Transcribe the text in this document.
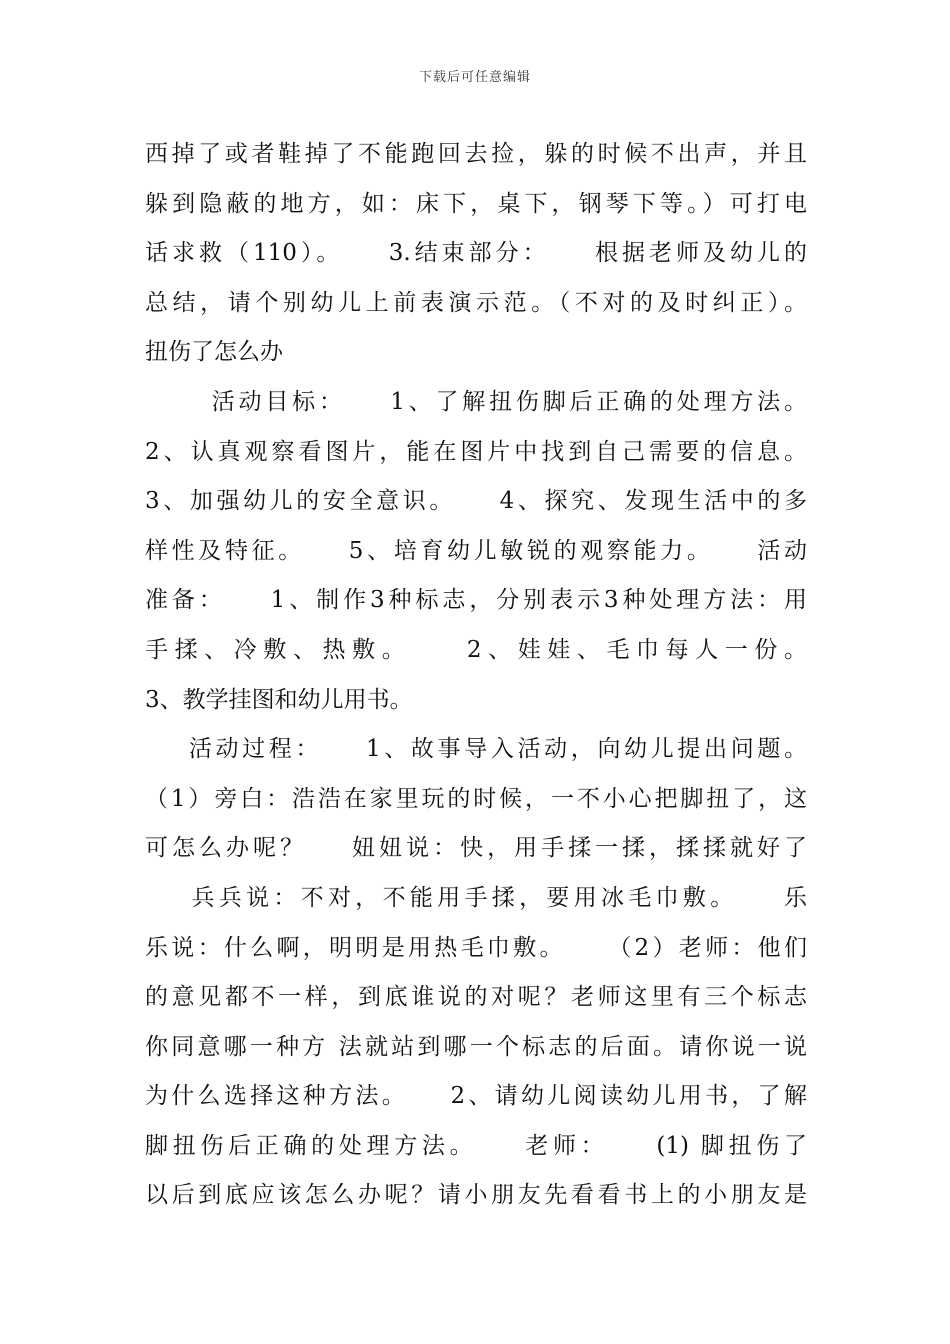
下载后可任意编辑
西掉了或者鞋掉了不能跑回去捡，躲的时候不出声，并且
躲到隐蔽的地方，如：床下，桌下，钢琴下等。）可打电
话求救（110）。    3.结束部分：    根据老师及幼儿的
总结，请个别幼儿上前表演示范。（不对的及时纠正）。
扭伤了怎么办
活动目标：    1、了解扭伤脚后正确的处理方法。
2、认真观察看图片，能在图片中找到自己需要的信息。
3、加强幼儿的安全意识。    4、探究、发现生活中的多
样性及特征。    5、培育幼儿敏锐的观察能力。    活动
准备：    1、制作3种标志，分别表示3种处理方法：用
手揉、冷敷、热敷。    2、娃娃、毛巾每人一份。
3、教学挂图和幼儿用书。
活动过程：    1、故事导入活动，向幼儿提出问题。
（1）旁白：浩浩在家里玩的时候，一不小心把脚扭了，这
可怎么办呢？    妞妞说：快，用手揉一揉，揉揉就好了
兵兵说：不对，不能用手揉，要用冰毛巾敷。    乐
乐说：什么啊，明明是用热毛巾敷。    （2）老师：他们
的意见都不一样，到底谁说的对呢？老师这里有三个标志
你同意哪一种方 法就站到哪一个标志的后面。请你说一说
为什么选择这种方法。    2、请幼儿阅读幼儿用书，了解
脚扭伤后正确的处理方法。    老师：    (1) 脚扭伤了
以后到底应该怎么办呢？请小朋友先看看书上的小朋友是
